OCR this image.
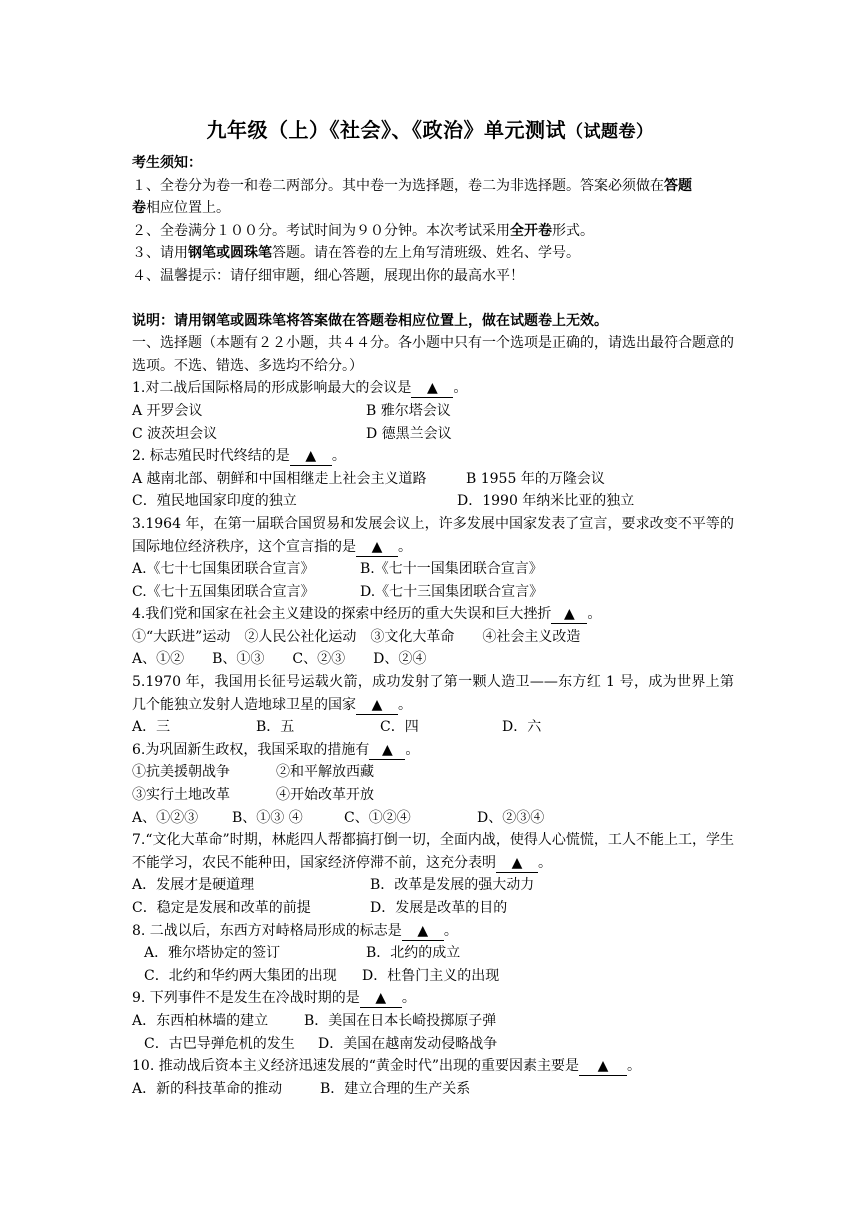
九年级（上）《社会》、《政治》单元测试（试题卷）
考生须知：
１、全卷分为卷一和卷二两部分。其中卷一为选择题，卷二为非选择题。答案必须做在答题
卷相应位置上。
２、全卷满分１００分。考试时间为９０分钟。本次考试采用全开卷形式。
３、请用钢笔或圆珠笔答题。请在答卷的左上角写清班级、姓名、学号。
４、温馨提示：请仔细审题，细心答题，展现出你的最高水平！
说明：请用钢笔或圆珠笔将答案做在答题卷相应位置上，做在试题卷上无效。
一、选择题（本题有２２小题，共４４分。各小题中只有一个选项是正确的，请选出最符合题意的选项。不选、错选、多选均不给分。）
1.对二战后国际格局的形成影响最大的会议是 ▲ 。
A 开罗会议	B 雅尔塔会议
C 波茨坦会议	D 德黑兰会议
2. 标志殖民时代终结的是 ▲ 。
A 越南北部、朝鲜和中国相继走上社会主义道路	B 1955 年的万隆会议
C．殖民地国家印度的独立	D．1990 年纳米比亚的独立
3.1964 年，在第一届联合国贸易和发展会议上，许多发展中国家发表了宣言，要求改变不平等的国际地位经济秩序，这个宣言指的是 ▲ 。
A.《七十七国集团联合宣言》	B.《七十一国集团联合宣言》
C.《七十五国集团联合宣言》	D.《七十三国集团联合宣言》
4.我们党和国家在社会主义建设的探索中经历的重大失误和巨大挫折 ▲ 。
①“大跃进”运动　②人民公社化运动　③文化大革命　　④社会主义改造
A、①②　　B、①③　　C、②③　　D、②④
5.1970 年，我国用长征号运载火箭，成功发射了第一颗人造卫——东方红 1 号，成为世界上第几个能独立发射人造地球卫星的国家 ▲ 。
A．三	B．五	C．四	D．六
6.为巩固新生政权，我国采取的措施有 ▲ 。
①抗美援朝战争	②和平解放西藏
③实行土地改革	④开始改革开放
A、①②③	B、①③ ④	C、①②④	D、②③④
7.“文化大革命”时期，林彪四人帮都搞打倒一切，全面内战，使得人心慌慌，工人不能上工，学生不能学习，农民不能种田，国家经济停滞不前，这充分表明 ▲ 。
A．发展才是硬道理	B．改革是发展的强大动力
C．稳定是发展和改革的前提	D．发展是改革的目的
8. 二战以后，东西方对峙格局形成的标志是 ▲ 。
A．雅尔塔协定的签订	B．北约的成立
C．北约和华约两大集团的出现	D．杜鲁门主义的出现
9. 下列事件不是发生在冷战时期的是 ▲ 。
A．东西柏林墙的建立	B．美国在日本长崎投掷原子弹
C．古巴导弹危机的发生	D．美国在越南发动侵略战争
10. 推动战后资本主义经济迅速发展的“黄金时代”出现的重要因素主要是 ▲ 。
A．新的科技革命的推动	B．建立合理的生产关系
